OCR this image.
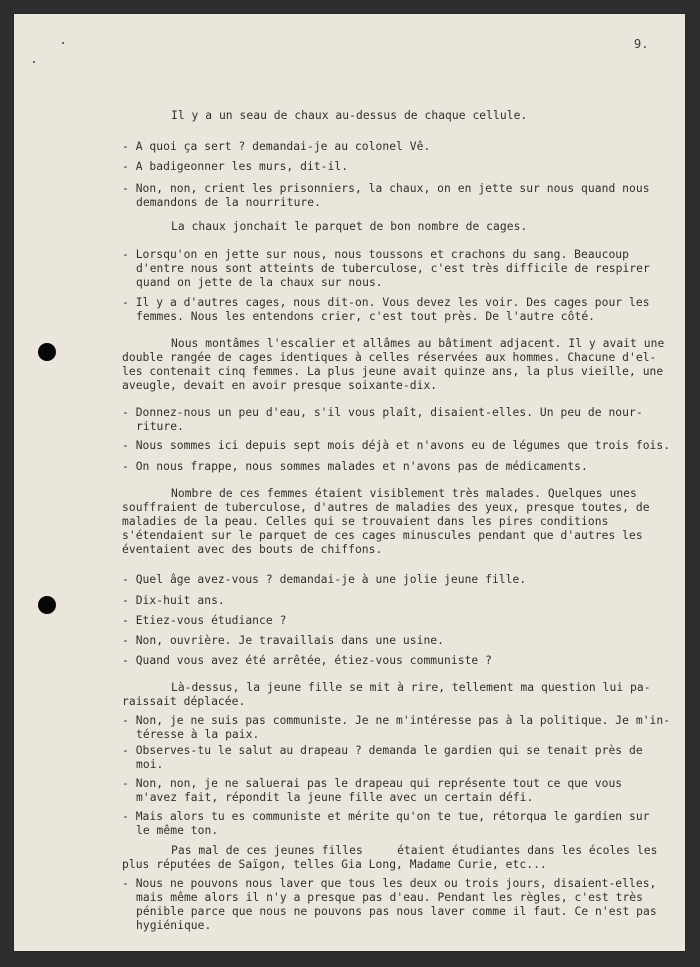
9.
Il y a un seau de chaux au-dessus de chaque cellule.
- A quoi ça sert ? demandai-je au colonel Vê.
- A badigeonner les murs, dit-il.
- Non, non, crient les prisonniers, la chaux, on en jette sur nous quand nous
demandons de la nourriture.
La chaux jonchait le parquet de bon nombre de cages.
- Lorsqu'on en jette sur nous, nous toussons et crachons du sang. Beaucoup
d'entre nous sont atteints de tuberculose, c'est très difficile de respirer
quand on jette de la chaux sur nous.
- Il y a d'autres cages, nous dit-on. Vous devez les voir. Des cages pour les
femmes. Nous les entendons crier, c'est tout près. De l'autre côté.
Nous montâmes l'escalier et allâmes au bâtiment adjacent. Il y avait une
double rangée de cages identiques à celles réservées aux hommes. Chacune d'el-
les contenait cinq femmes. La plus jeune avait quinze ans, la plus vieille, une
aveugle, devait en avoir presque soixante-dix.
- Donnez-nous un peu d'eau, s'il vous plaît, disaient-elles. Un peu de nour-
riture.
- Nous sommes ici depuis sept mois déjà et n'avons eu de légumes que trois fois.
- On nous frappe, nous sommes malades et n'avons pas de médicaments.
Nombre de ces femmes étaient visiblement très malades. Quelques unes
souffraient de tuberculose, d'autres de maladies des yeux, presque toutes, de
maladies de la peau. Celles qui se trouvaient dans les pires conditions
s'étendaient sur le parquet de ces cages minuscules pendant que d'autres les
éventaient avec des bouts de chiffons.
- Quel âge avez-vous ? demandai-je à une jolie jeune fille.
- Dix-huit ans.
- Etiez-vous étudiance ?
- Non, ouvrière. Je travaillais dans une usine.
- Quand vous avez été arrêtée, étiez-vous communiste ?
Là-dessus, la jeune fille se mit à rire, tellement ma question lui pa-
raissait déplacée.
- Non, je ne suis pas communiste. Je ne m'intéresse pas à la politique. Je m'in-
téresse à la paix.
- Observes-tu le salut au drapeau ? demanda le gardien qui se tenait près de
moi.
- Non, non, je ne saluerai pas le drapeau qui représente tout ce que vous
m'avez fait, répondit la jeune fille avec un certain défi.
- Mais alors tu es communiste et mérite qu'on te tue, rétorqua le gardien sur
le même ton.
Pas mal de ces jeunes filles     étaient étudiantes dans les écoles les
plus réputées de Saïgon, telles Gia Long, Madame Curie, etc...
- Nous ne pouvons nous laver que tous les deux ou trois jours, disaient-elles,
mais même alors il n'y a presque pas d'eau. Pendant les règles, c'est très
pénible parce que nous ne pouvons pas nous laver comme il faut. Ce n'est pas
hygiénique.
